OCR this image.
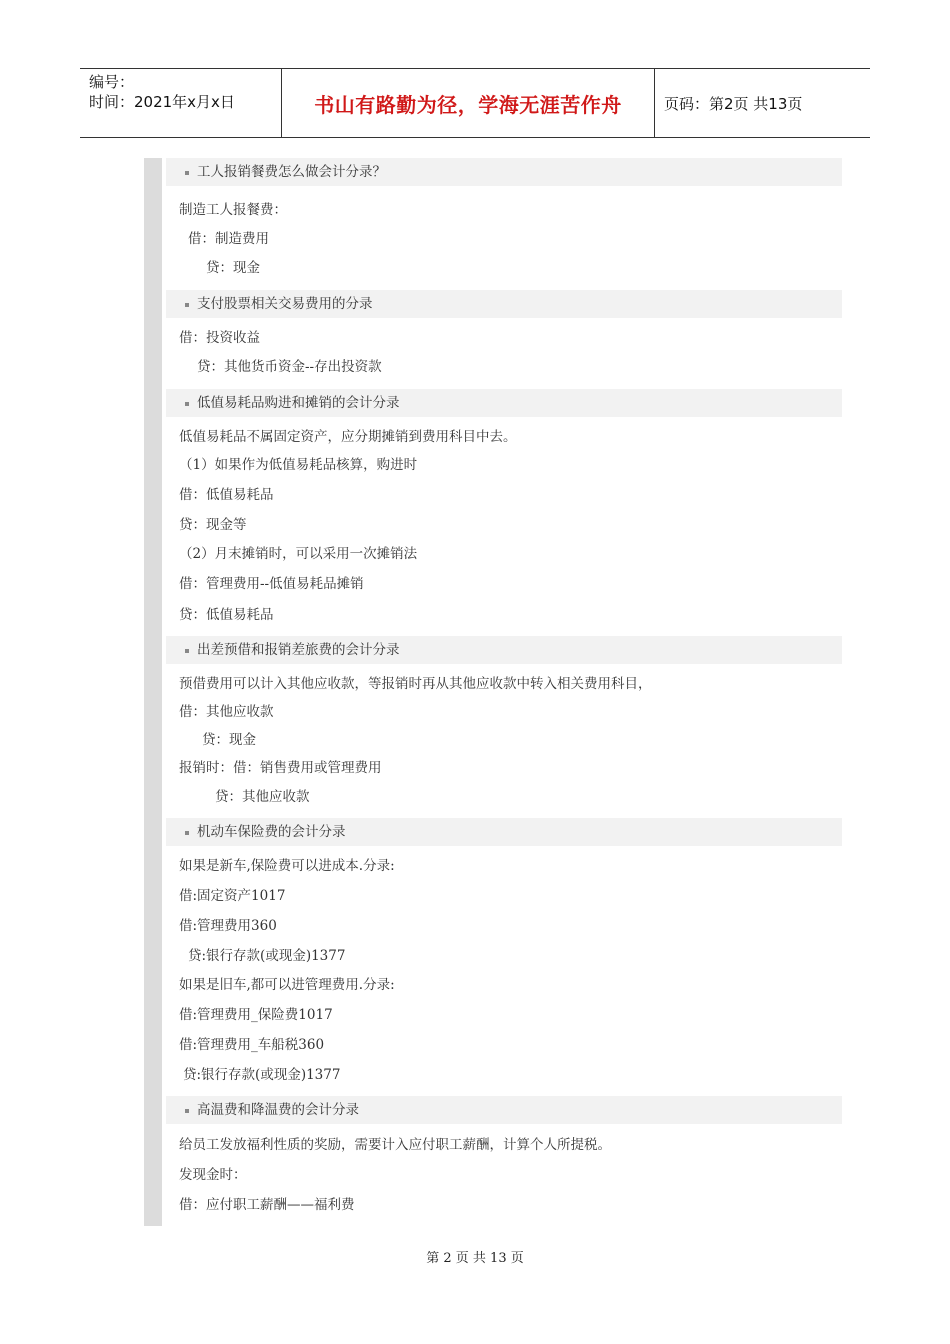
编号：
时间：2021年x月x日	书山有路勤为径，学海无涯苦作舟	页码：第2页 共13页
工人报销餐费怎么做会计分录？
制造工人报餐费：
借：制造费用
贷：现金
支付股票相关交易费用的分录
借：投资收益
贷：其他货币资金--存出投资款
低值易耗品购进和摊销的会计分录
低值易耗品不属固定资产，应分期摊销到费用科目中去。
（1）如果作为低值易耗品核算，购进时
借：低值易耗品
贷：现金等
（2）月末摊销时，可以采用一次摊销法
借：管理费用--低值易耗品摊销
贷：低值易耗品
出差预借和报销差旅费的会计分录
预借费用可以计入其他应收款，等报销时再从其他应收款中转入相关费用科目，
借：其他应收款
贷：现金
报销时：借：销售费用或管理费用
贷：其他应收款
机动车保险费的会计分录
如果是新车,保险费可以进成本.分录:
借:固定资产1017
借:管理费用360
贷:银行存款(或现金)1377
如果是旧车,都可以进管理费用.分录:
借:管理费用_保险费1017
借:管理费用_车船税360
贷:银行存款(或现金)1377
高温费和降温费的会计分录
给员工发放福利性质的奖励，需要计入应付职工薪酬，计算个人所提税。
发现金时：
借：应付职工薪酬——福利费
第 2 页 共 13 页
